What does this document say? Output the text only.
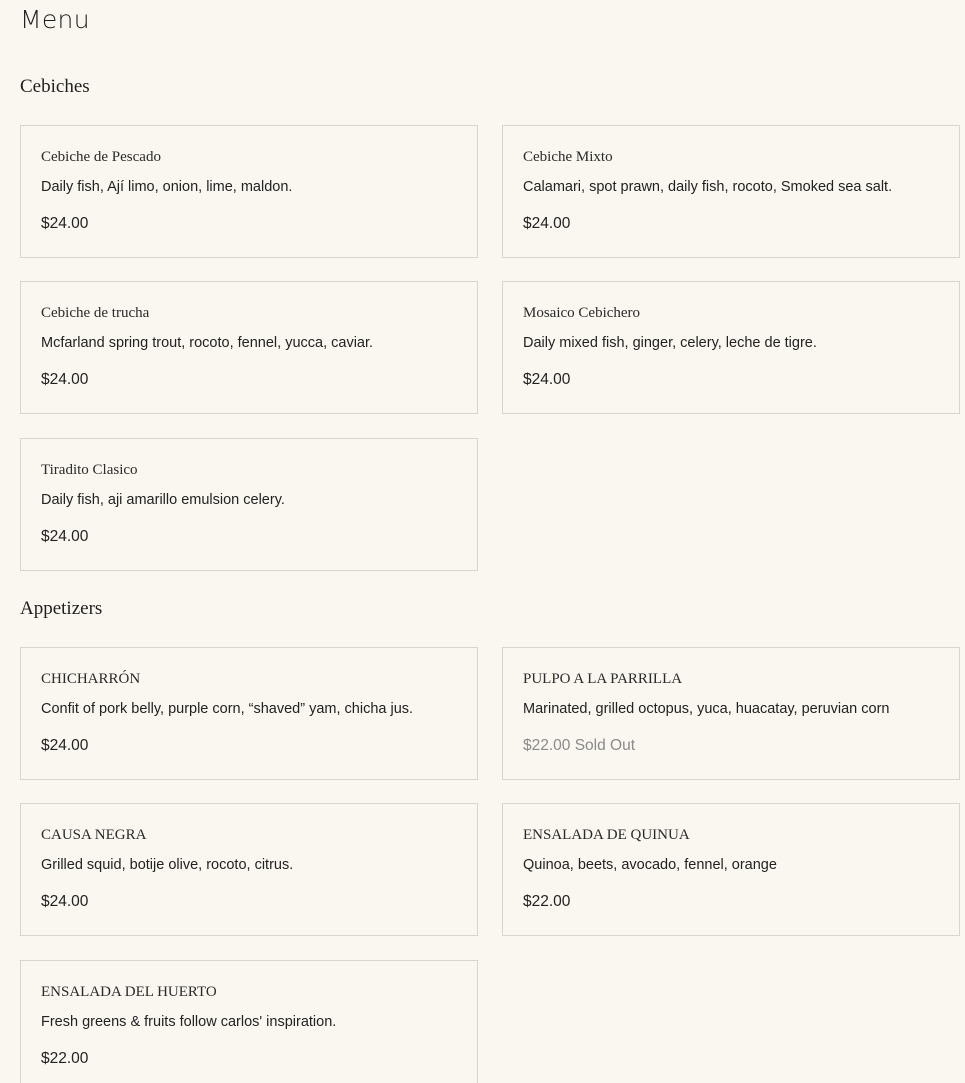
Menu
Cebiches
Cebiche de Pescado
Daily fish, Ají limo, onion, lime, maldon.
$24.00
Cebiche Mixto
Calamari, spot prawn, daily fish, rocoto, Smoked sea salt.
$24.00
Cebiche de trucha
Mcfarland spring trout, rocoto, fennel, yucca, caviar.
$24.00
Mosaico Cebichero
Daily mixed fish, ginger, celery, leche de tigre.
$24.00
Tiradito Clasico
Daily fish, aji amarillo emulsion celery.
$24.00
Appetizers
CHICHARRÓN
Confit of pork belly, purple corn, “shaved” yam, chicha jus.
$24.00
PULPO A LA PARRILLA
Marinated, grilled octopus, yuca, huacatay, peruvian corn
$22.00 Sold Out
CAUSA NEGRA
Grilled squid, botije olive, rocoto, citrus.
$24.00
ENSALADA DE QUINUA
Quinoa, beets, avocado, fennel, orange
$22.00
ENSALADA DEL HUERTO
Fresh greens & fruits follow carlos' inspiration.
$22.00
